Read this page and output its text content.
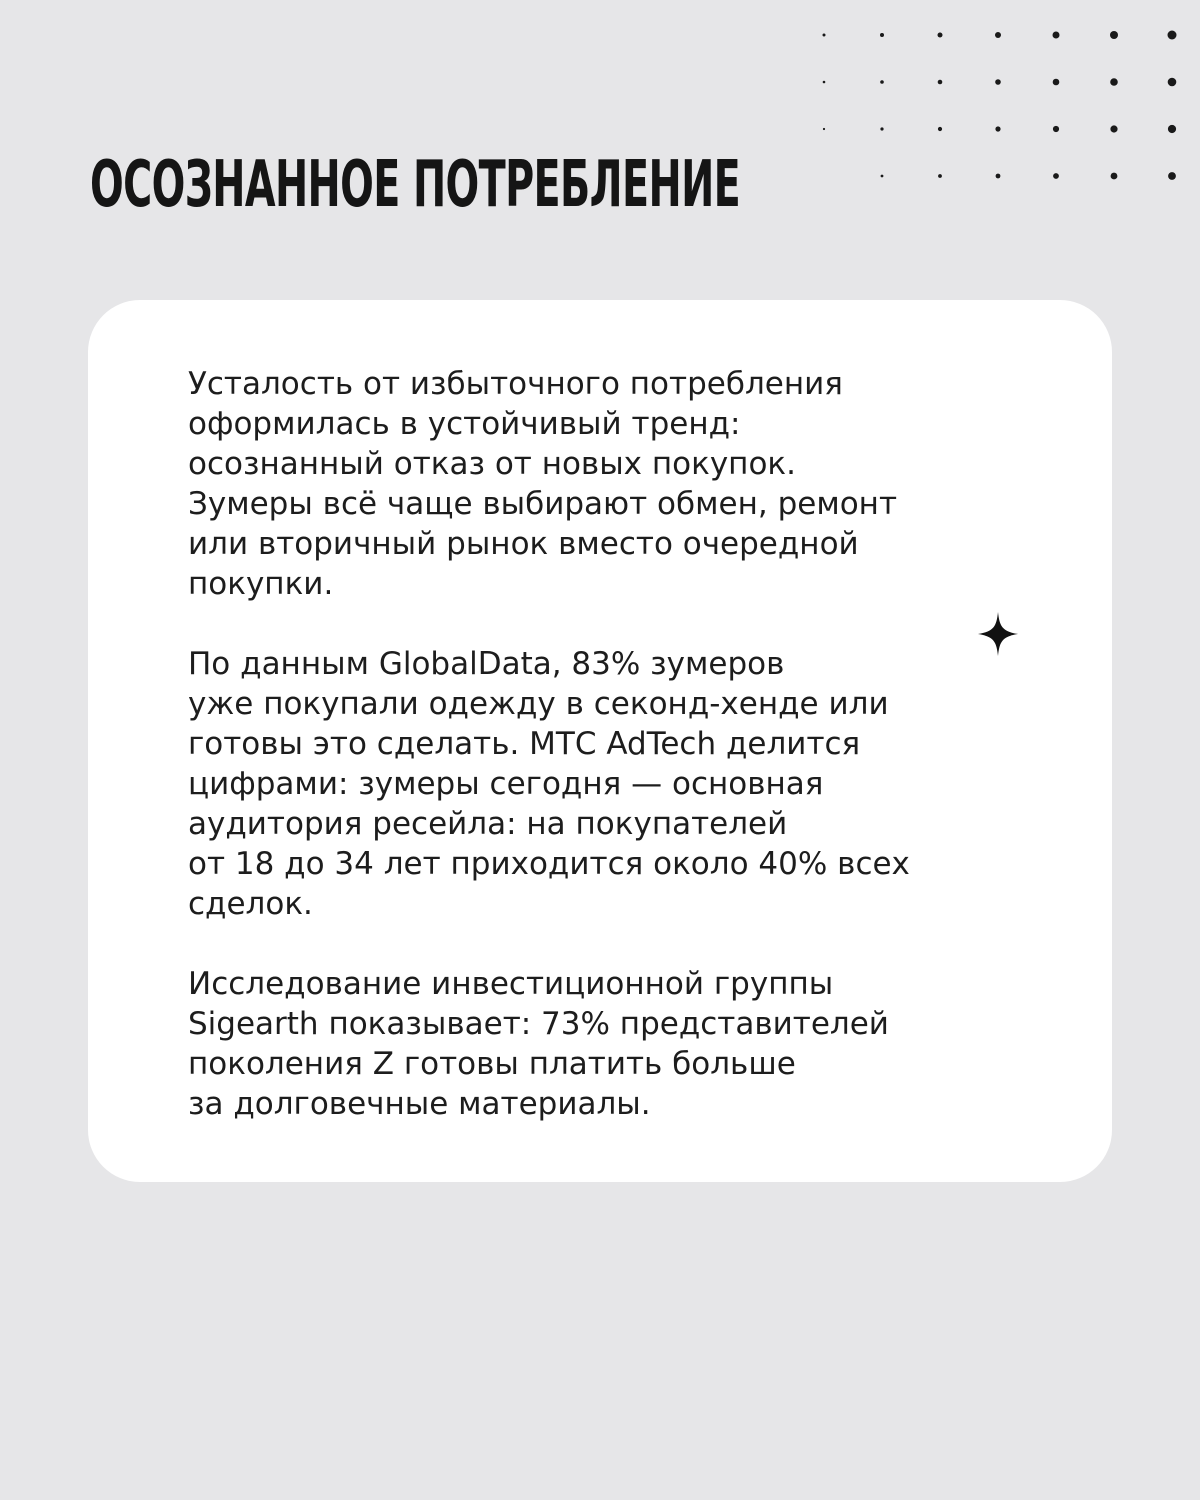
ОСОЗНАННОЕ ПОТРЕБЛЕНИЕ

Усталость от избыточного потребления
оформилась в устойчивый тренд:
осознанный отказ от новых покупок.
Зумеры всё чаще выбирают обмен, ремонт
или вторичный рынок вместо очередной
покупки.

По данным GlobalData, 83% зумеров
уже покупали одежду в секонд-хенде или
готовы это сделать. МТС AdTech делится
цифрами: зумеры сегодня — основная
аудитория ресейла: на покупателей
от 18 до 34 лет приходится около 40% всех
сделок.

Исследование инвестиционной группы
Sigearth показывает: 73% представителей
поколения Z готовы платить больше
за долговечные материалы.
